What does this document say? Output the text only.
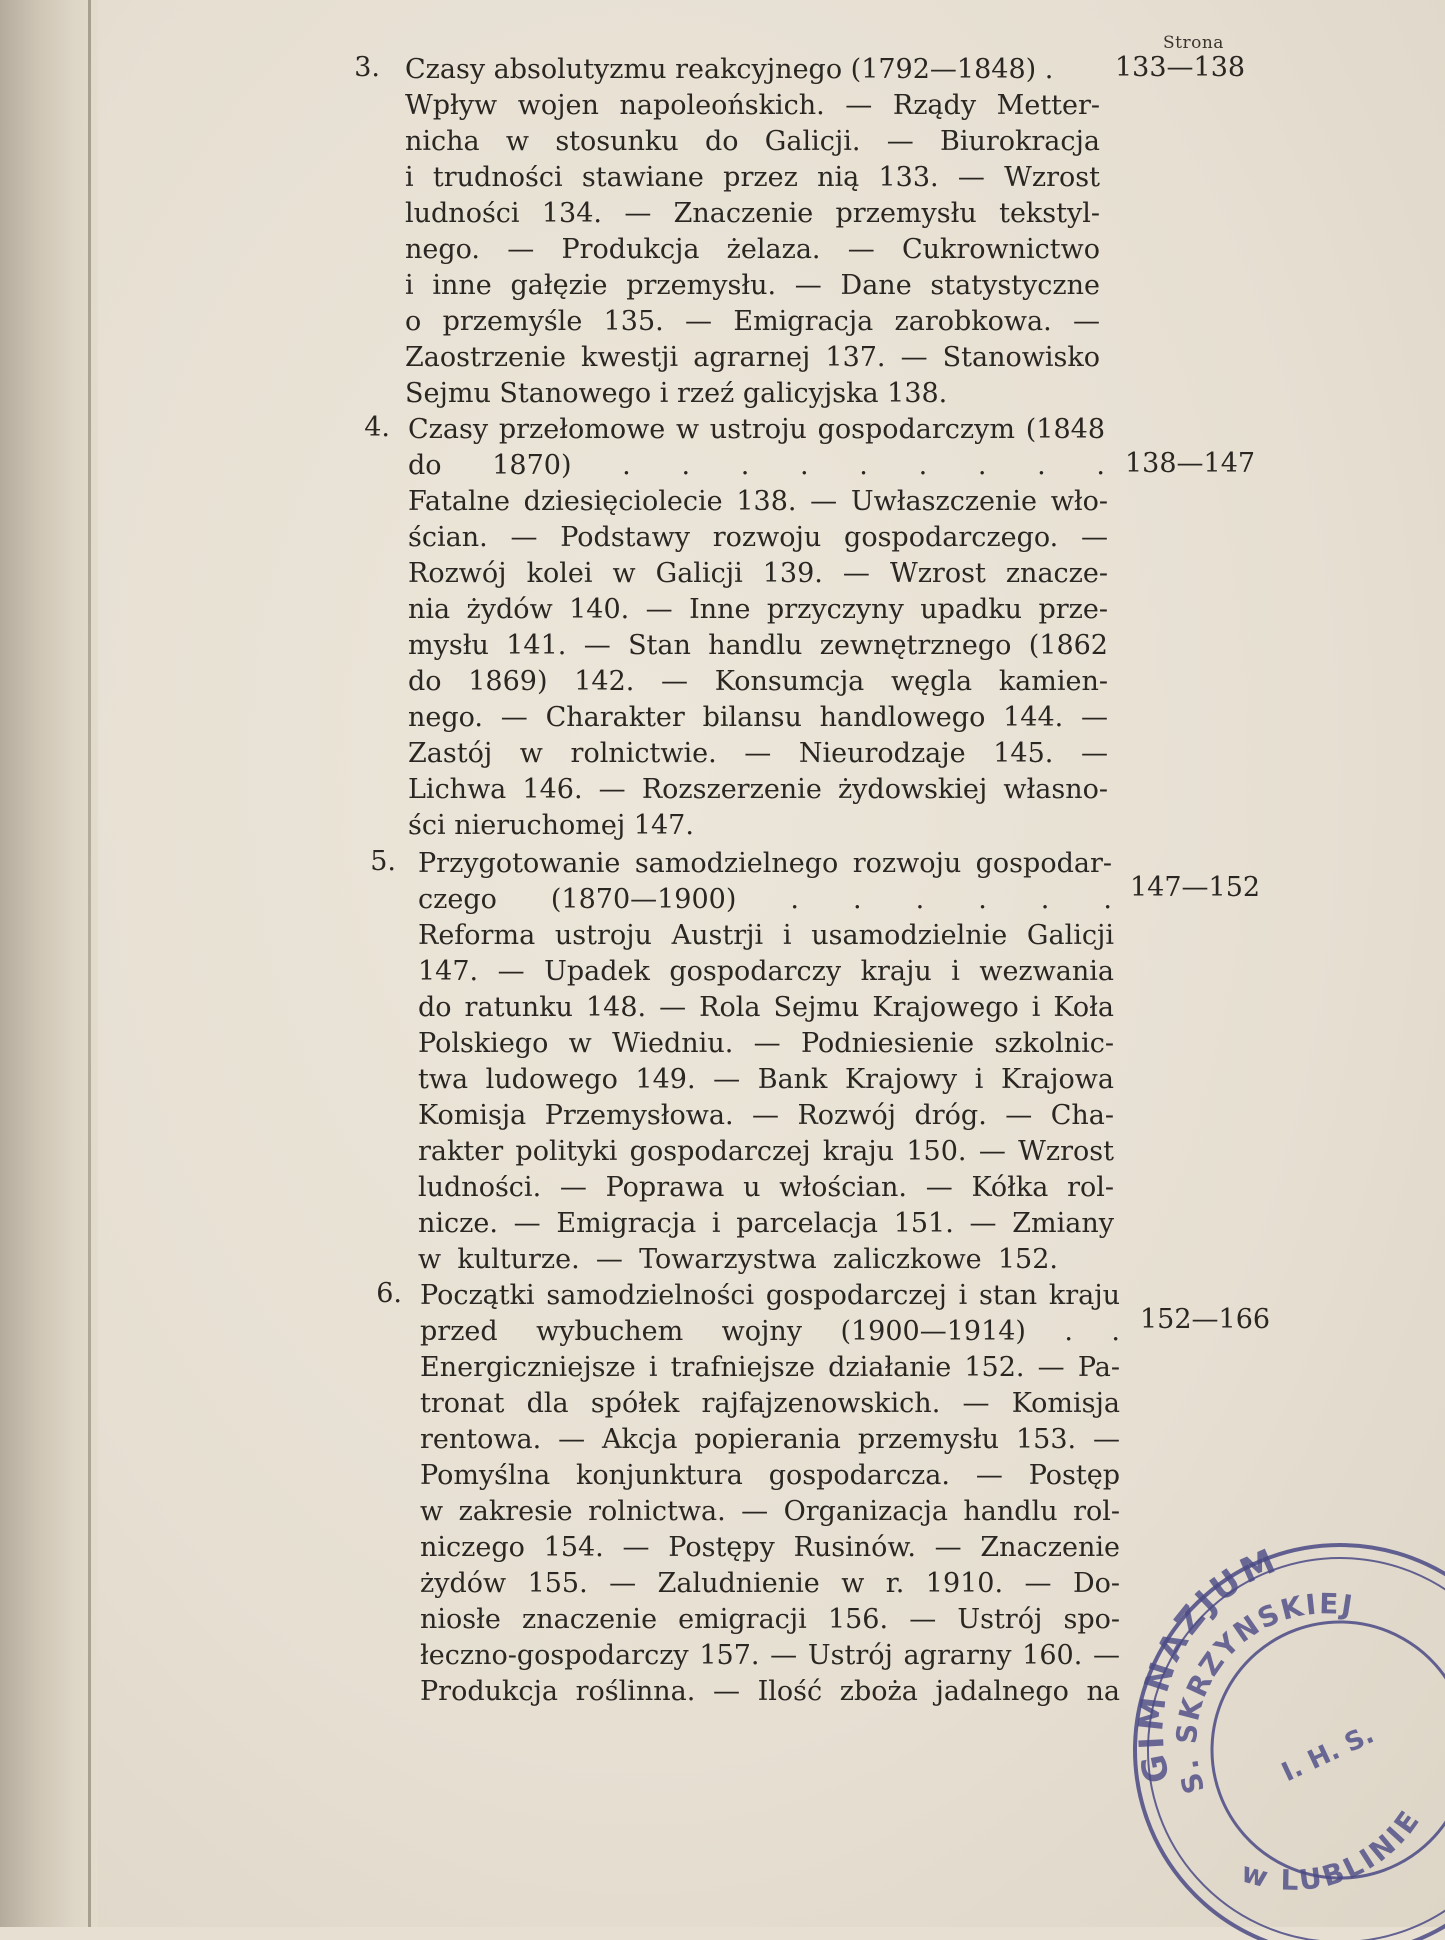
Strona
3. Czasy absolutyzmu reakcyjnego (1792—1848) .	133—138
Wpływ wojen napoleońskich. — Rządy Metter-
nicha w stosunku do Galicji. — Biurokracja
i trudności stawiane przez nią 133. — Wzrost
ludności 134. — Znaczenie przemysłu tekstyl-
nego. — Produkcja żelaza. — Cukrownictwo
i inne gałęzie przemysłu. — Dane statystyczne
o przemyśle 135. — Emigracja zarobkowa. —
Zaostrzenie kwestji agrarnej 137. — Stanowisko
Sejmu Stanowego i rzeź galicyjska 138.
4. Czasy przełomowe w ustroju gospodarczym (1848
do 1870) . . . . . . . . . 138—147
Fatalne dziesięciolecie 138. — Uwłaszczenie wło-
ścian. — Podstawy rozwoju gospodarczego. —
Rozwój kolei w Galicji 139. — Wzrost znacze-
nia żydów 140. — Inne przyczyny upadku prze-
mysłu 141. — Stan handlu zewnętrznego (1862
do 1869) 142. — Konsumcja węgla kamien-
nego. — Charakter bilansu handlowego 144. —
Zastój w rolnictwie. — Nieurodzaje 145. —
Lichwa 146. — Rozszerzenie żydowskiej własno-
ści nieruchomej 147.
5. Przygotowanie samodzielnego rozwoju gospodar-
czego (1870—1900) . . . . . . 147—152
Reforma ustroju Austrji i usamodzielnie Galicji
147. — Upadek gospodarczy kraju i wezwania
do ratunku 148. — Rola Sejmu Krajowego i Koła
Polskiego w Wiedniu. — Podniesienie szkolnic-
twa ludowego 149. — Bank Krajowy i Krajowa
Komisja Przemysłowa. — Rozwój dróg. — Cha-
rakter polityki gospodarczej kraju 150. — Wzrost
ludności. — Poprawa u włościan. — Kółka rol-
nicze. — Emigracja i parcelacja 151. — Zmiany
w kulturze. — Towarzystwa zaliczkowe 152.
6. Początki samodzielności gospodarczej i stan kraju
przed wybuchem wojny (1900—1914) . . 152—166
Energiczniejsze i trafniejsze działanie 152. — Pa-
tronat dla spółek rajfajzenowskich. — Komisja
rentowa. — Akcja popierania przemysłu 153. —
Pomyślna konjunktura gospodarcza. — Postęp
w zakresie rolnictwa. — Organizacja handlu rol-
niczego 154. — Postępy Rusinów. — Znaczenie
żydów 155. — Zaludnienie w r. 1910. — Do-
niosłe znaczenie emigracji 156. — Ustrój spo-
łeczno-gospodarczy 157. — Ustrój agrarny 160. —
Produkcja roślinna. — Ilość zboża jadalnego na
GIMNAZJUM
S. SKRZYNSKIEJ
I. H. S.
w LUBLINIE
